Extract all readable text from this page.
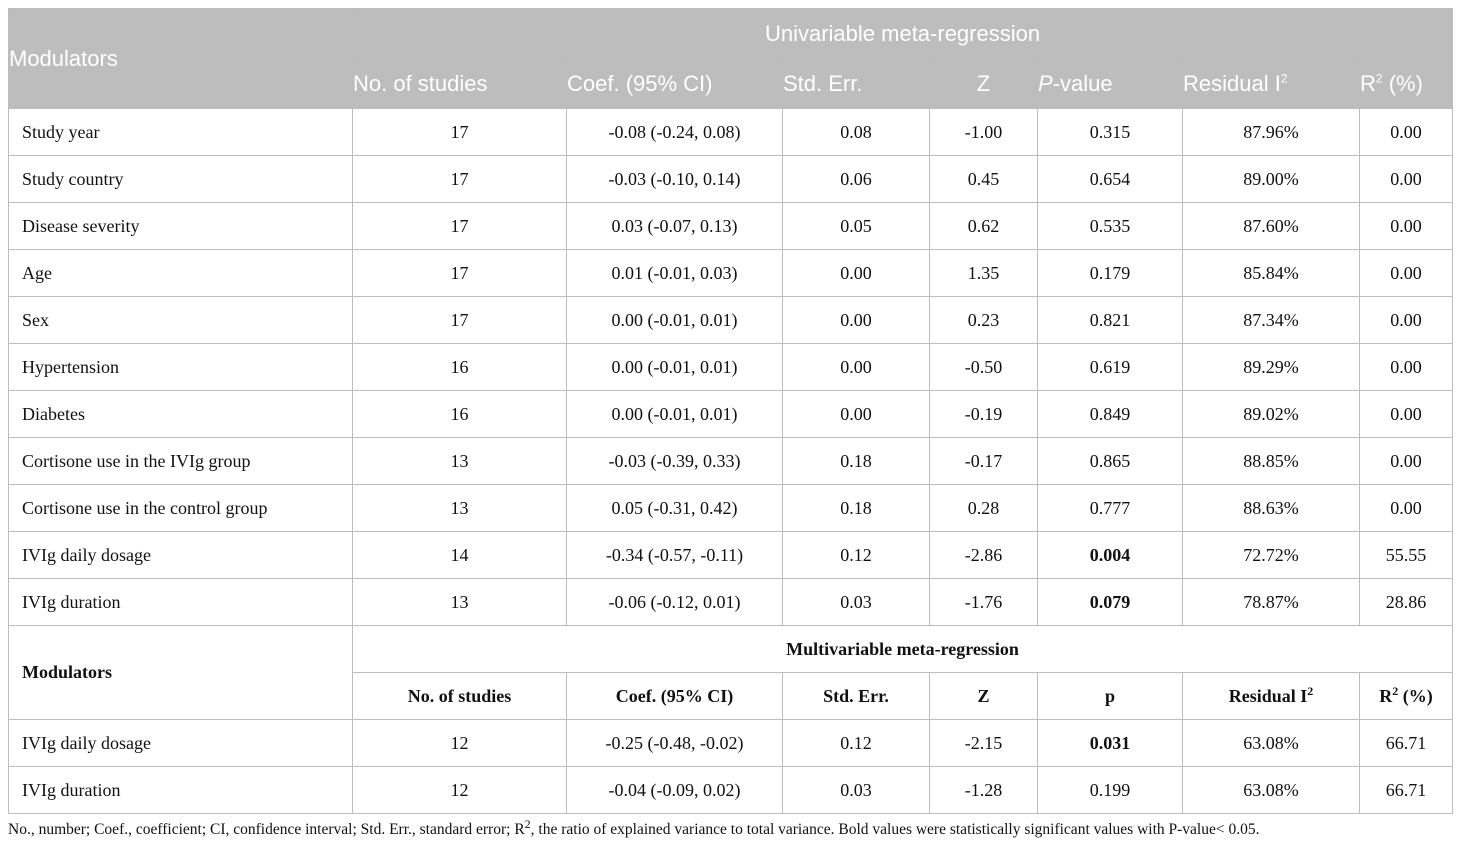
Modulators	Univariable meta-regression						
	No. of studies	Coef. (95% CI)	Std. Err.	Z	P-value	Residual $I^2$	$R^2$ (%)
Study year	17	-0.08 (-0.24, 0.08)	0.08	-1.00	0.315	87.96%	0.00
Study country	17	-0.03 (-0.10, 0.14)	0.06	0.45	0.654	89.00%	0.00
Disease severity	17	0.03 (-0.07, 0.13)	0.05	0.62	0.535	87.60%	0.00
Age	17	0.01 (-0.01, 0.03)	0.00	1.35	0.179	85.84%	0.00
Sex	17	0.00 (-0.01, 0.01)	0.00	0.23	0.821	87.34%	0.00
Hypertension	16	0.00 (-0.01, 0.01)	0.00	-0.50	0.619	89.29%	0.00
Diabetes	16	0.00 (-0.01, 0.01)	0.00	-0.19	0.849	89.02%	0.00
Cortisone use in the IVIg group	13	-0.03 (-0.39, 0.33)	0.18	-0.17	0.865	88.85%	0.00
Cortisone use in the control group	13	0.05 (-0.31, 0.42)	0.18	0.28	0.777	88.63%	0.00
IVIg daily dosage	14	-0.34 (-0.57, -0.11)	0.12	-2.86	0.004	72.72%	55.55
IVIg duration	13	-0.06 (-0.12, 0.01)	0.03	-1.76	0.079	78.87%	28.86
Modulators	Multivariable meta-regression						
	No. of studies	Coef. (95% CI)	Std. Err.	Z	p	Residual $I^2$	$R^2$ (%)
IVIg daily dosage	12	-0.25 (-0.48, -0.02)	0.12	-2.15	0.031	63.08%	66.71
IVIg duration	12	-0.04 (-0.09, 0.02)	0.03	-1.28	0.199	63.08%	66.71
No., number; Coef., coefficient; CI, confidence interval; Std. Err., standard error; $R^2$, the ratio of explained variance to total variance. Bold values were statistically significant values with P-value< 0.05.
